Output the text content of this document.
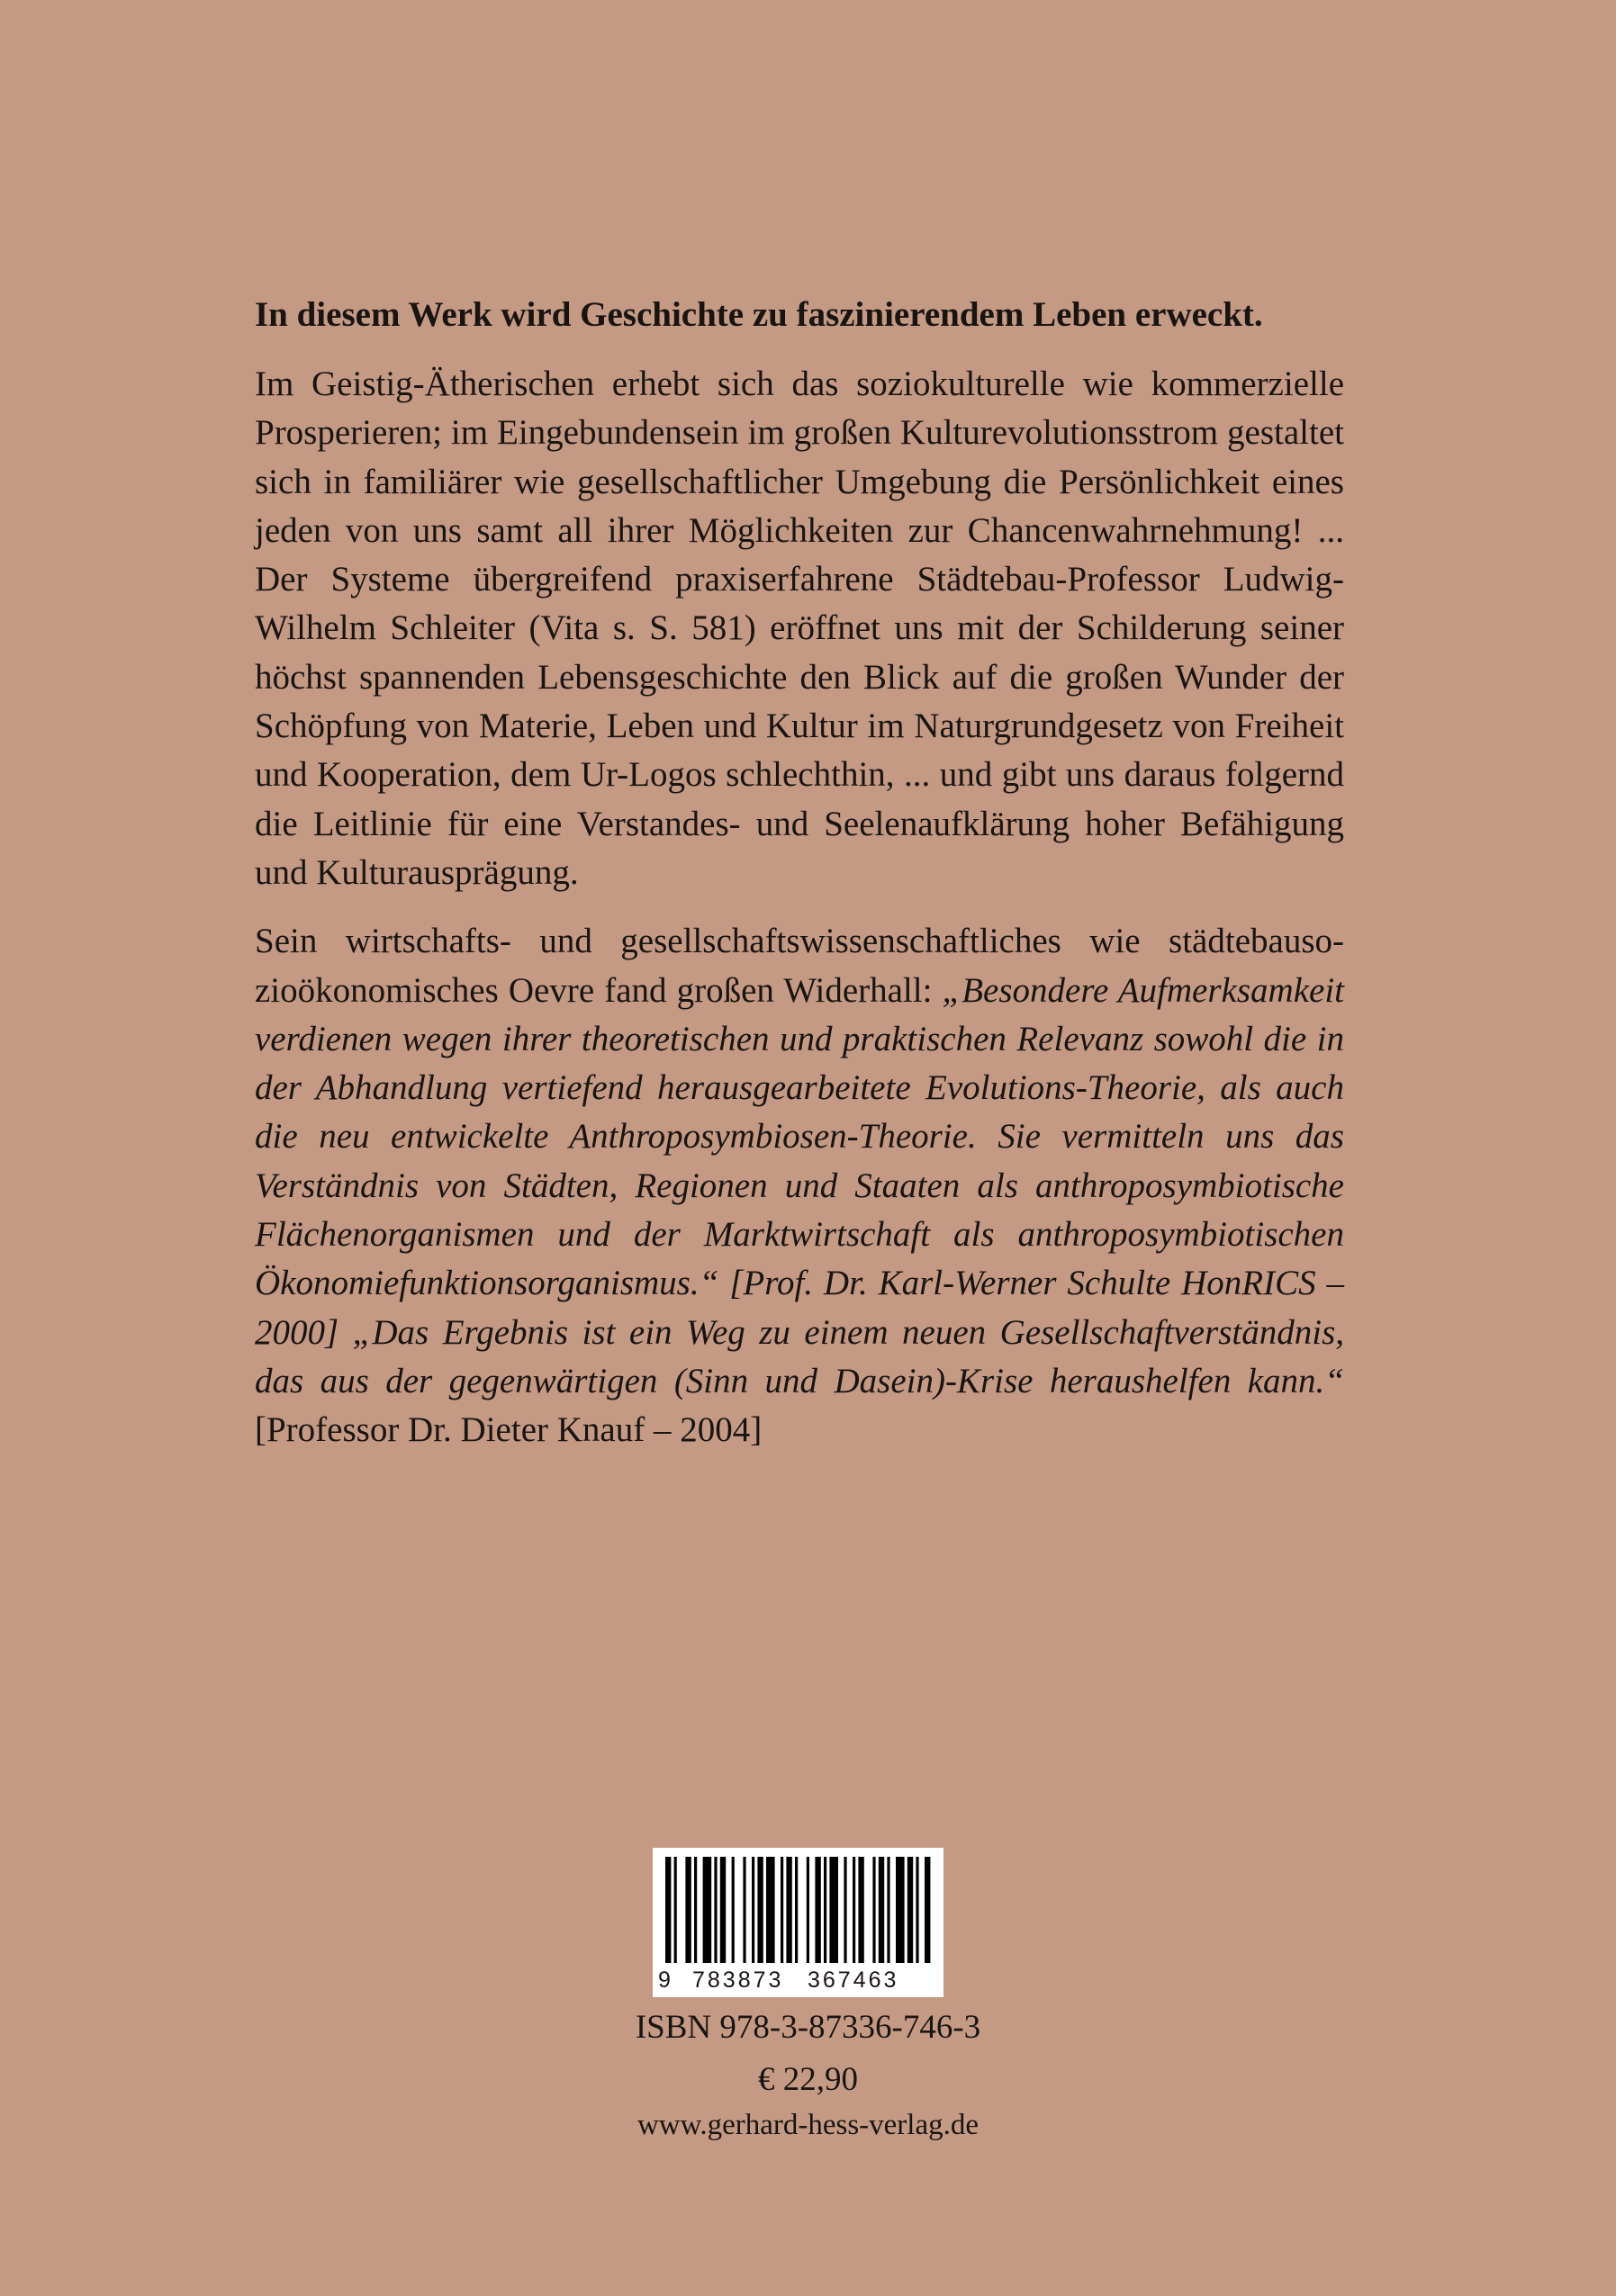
In diesem Werk wird Geschichte zu faszinierendem Leben erweckt.

Im Geistig-Ätherischen erhebt sich das soziokulturelle wie kommerzielle Prosperieren; im Eingebundensein im großen Kulturevolutionsstrom gestaltet sich in familiärer wie gesellschaftlicher Umgebung die Persönlichkeit eines jeden von uns samt all ihrer Möglichkeiten zur Chancenwahrnehmung! ... Der Systeme übergreifend praxiserfahrene Städtebau-Professor Ludwig-Wilhelm Schleiter (Vita s. S. 581) eröffnet uns mit der Schilderung seiner höchst spannenden Lebensgeschichte den Blick auf die großen Wunder der Schöpfung von Materie, Leben und Kultur im Naturgrundgesetz von Freiheit und Kooperation, dem Ur-Logos schlechthin, ... und gibt uns daraus folgernd die Leitlinie für eine Verstandes- und Seelenaufklärung hoher Befähigung und Kulturausprägung.

Sein wirtschafts- und gesellschaftswissenschaftliches wie städtebausozioökonomisches Oevre fand großen Widerhall: „Besondere Aufmerksamkeit verdienen wegen ihrer theoretischen und praktischen Relevanz sowohl die in der Abhandlung vertiefend herausgearbeitete Evolutions-Theorie, als auch die neu entwickelte Anthroposymbiosen-Theorie. Sie vermitteln uns das Verständnis von Städten, Regionen und Staaten als anthroposymbiotische Flächenorganismen und der Marktwirtschaft als anthroposymbiotischen Ökonomiefunktionsorganismus.“ [Prof. Dr. Karl-Werner Schulte HonRICS – 2000] „Das Ergebnis ist ein Weg zu einem neuen Gesellschaftverständnis, das aus der gegenwärtigen (Sinn und Dasein)-Krise heraushelfen kann.“ [Professor Dr. Dieter Knauf – 2004]

9 783873 367463
ISBN 978-3-87336-746-3
€ 22,90
www.gerhard-hess-verlag.de
